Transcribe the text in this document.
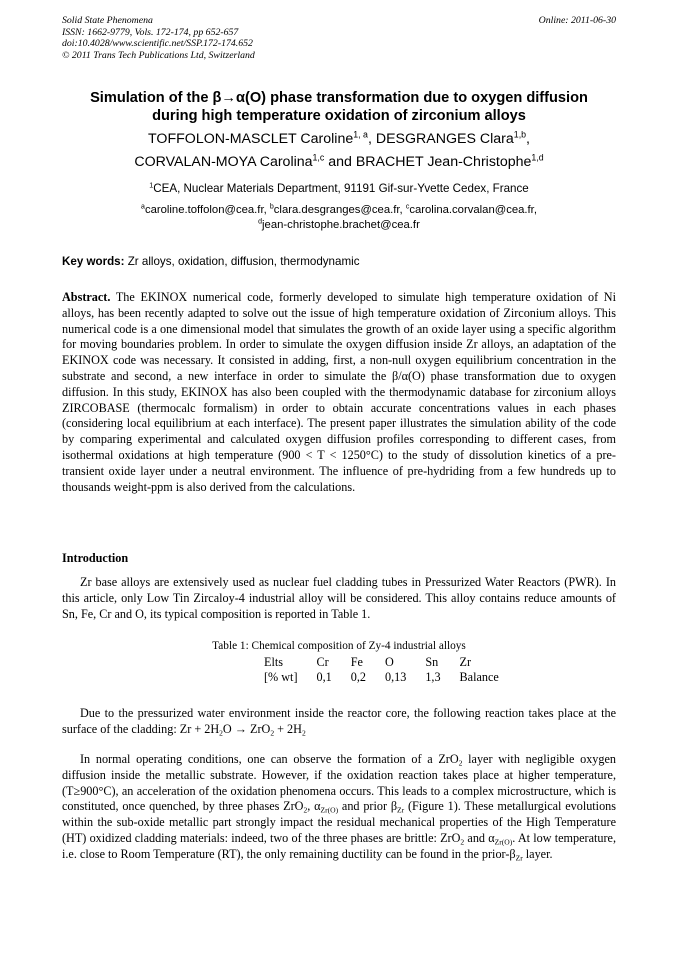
Solid State Phenomena
ISSN: 1662-9779, Vols. 172-174, pp 652-657
doi:10.4028/www.scientific.net/SSP.172-174.652
© 2011 Trans Tech Publications Ltd, Switzerland
Online: 2011-06-30
Simulation of the β→α(O) phase transformation due to oxygen diffusion
during high temperature oxidation of zirconium alloys
TOFFOLON-MASCLET Caroline$^{1, a}$, DESGRANGES Clara$^{1,b}$,
CORVALAN-MOYA Carolina$^{1,c}$ and BRACHET Jean-Christophe$^{1,d}$
$^1$CEA, Nuclear Materials Department, 91191 Gif-sur-Yvette Cedex, France
$^a$caroline.toffolon@cea.fr, $^b$clara.desgranges@cea.fr, $^c$carolina.corvalan@cea.fr,
$^d$jean-christophe.brachet@cea.fr
Key words: Zr alloys, oxidation, diffusion, thermodynamic
Abstract. The EKINOX numerical code, formerly developed to simulate high temperature oxidation of Ni alloys, has been recently adapted to solve out the issue of high temperature oxidation of Zirconium alloys. This numerical code is a one dimensional model that simulates the growth of an oxide layer using a specific algorithm for moving boundaries problem. In order to simulate the oxygen diffusion inside Zr alloys, an adaptation of the EKINOX code was necessary. It consisted in adding, first, a non-null oxygen equilibrium concentration in the substrate and second, a new interface in order to simulate the β/α(O) phase transformation due to oxygen diffusion. In this study, EKINOX has also been coupled with the thermodynamic database for zirconium alloys ZIRCOBASE (thermocalc formalism) in order to obtain accurate concentrations values in each phases (considering local equilibrium at each interface). The present paper illustrates the simulation ability of the code by comparing experimental and calculated oxygen diffusion profiles corresponding to different cases, from isothermal oxidations at high temperature (900 < T < 1250°C) to the study of dissolution kinetics of a pre-transient oxide layer under a neutral environment. The influence of pre-hydriding from a few hundreds up to thousands weight-ppm is also derived from the calculations.
Introduction
Zr base alloys are extensively used as nuclear fuel cladding tubes in Pressurized Water Reactors (PWR). In this article, only Low Tin Zircaloy-4 industrial alloy will be considered. This alloy contains reduce amounts of Sn, Fe, Cr and O, its typical composition is reported in Table 1.
Table 1: Chemical composition of Zy-4 industrial alloys
Elts	Cr	Fe	O	Sn	Zr
[% wt]	0,1	0,2	0,13	1,3	Balance
Due to the pressurized water environment inside the reactor core, the following reaction takes place at the surface of the cladding: $Zr + 2H_2O \to ZrO_2 + 2H_2$
In normal operating conditions, one can observe the formation of a ZrO$_2$ layer with negligible oxygen diffusion inside the metallic substrate. However, if the oxidation reaction takes place at higher temperature, (T≥900°C), an acceleration of the oxidation phenomena occurs. This leads to a complex microstructure, which is constituted, once quenched, by three phases ZrO$_2$, $\alpha_{Zr(O)}$ and prior $\beta_{Zr}$ (Figure 1). These metallurgical evolutions within the sub-oxide metallic part strongly impact the residual mechanical properties of the High Temperature (HT) oxidized cladding materials: indeed, two of the three phases are brittle: ZrO$_2$ and $\alpha_{Zr(O)}$. At low temperature, i.e. close to Room Temperature (RT), the only remaining ductility can be found in the prior-$\beta_{Zr}$ layer.
